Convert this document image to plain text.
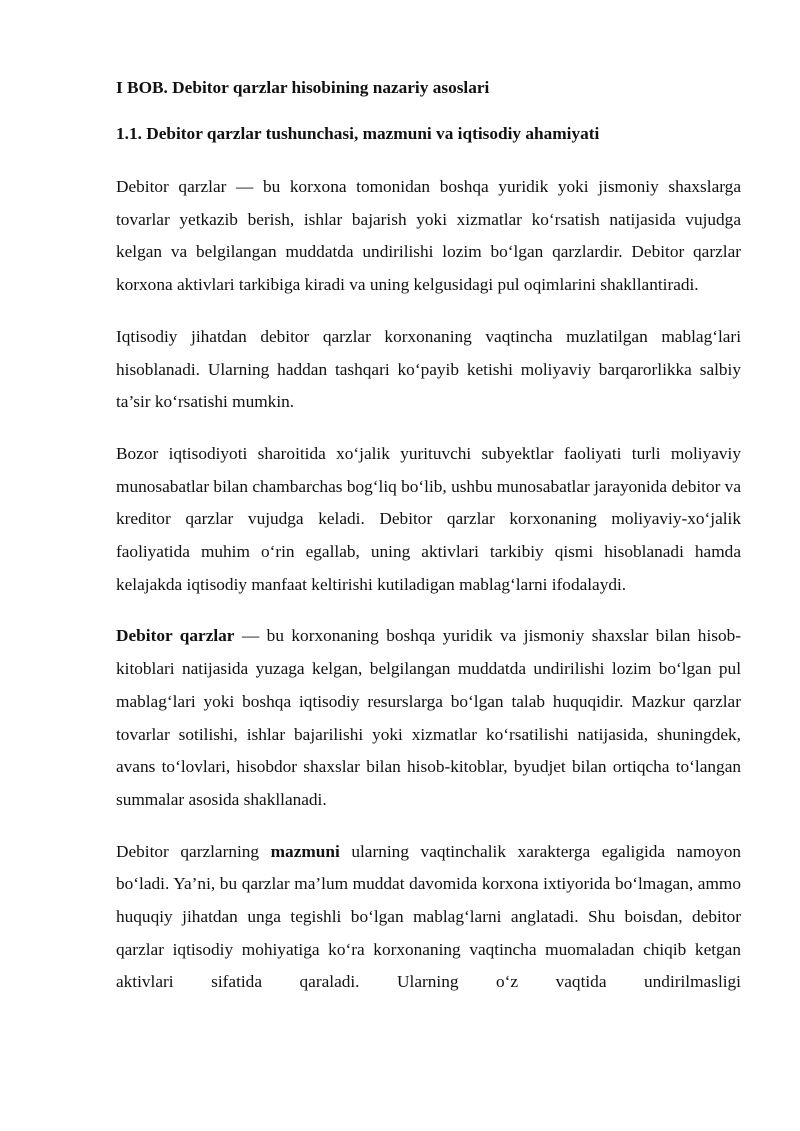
I BOB. Debitor qarzlar hisobining nazariy asoslari

1.1. Debitor qarzlar tushunchasi, mazmuni va iqtisodiy ahamiyati

Debitor qarzlar — bu korxona tomonidan boshqa yuridik yoki jismoniy shaxslarga tovarlar yetkazib berish, ishlar bajarish yoki xizmatlar ko‘rsatish natijasida vujudga kelgan va belgilangan muddatda undirilishi lozim bo‘lgan qarzlardir. Debitor qarzlar korxona aktivlari tarkibiga kiradi va uning kelgusidagi pul oqimlarini shakllantiradi.

Iqtisodiy jihatdan debitor qarzlar korxonaning vaqtincha muzlatilgan mablag‘lari hisoblanadi. Ularning haddan tashqari ko‘payib ketishi moliyaviy barqarorlikka salbiy ta’sir ko‘rsatishi mumkin.

Bozor iqtisodiyoti sharoitida xo‘jalik yurituvchi subyektlar faoliyati turli moliyaviy munosabatlar bilan chambarchas bog‘liq bo‘lib, ushbu munosabatlar jarayonida debitor va kreditor qarzlar vujudga keladi. Debitor qarzlar korxonaning moliyaviy-xo‘jalik faoliyatida muhim o‘rin egallab, uning aktivlari tarkibiy qismi hisoblanadi hamda kelajakda iqtisodiy manfaat keltirishi kutiladigan mablag‘larni ifodalaydi.

Debitor qarzlar — bu korxonaning boshqa yuridik va jismoniy shaxslar bilan hisob-kitoblari natijasida yuzaga kelgan, belgilangan muddatda undirilishi lozim bo‘lgan pul mablag‘lari yoki boshqa iqtisodiy resurslarga bo‘lgan talab huquqidir. Mazkur qarzlar tovarlar sotilishi, ishlar bajarilishi yoki xizmatlar ko‘rsatilishi natijasida, shuningdek, avans to‘lovlari, hisobdor shaxslar bilan hisob-kitoblar, byudjet bilan ortiqcha to‘langan summalar asosida shakllanadi.

Debitor qarzlarning mazmuni ularning vaqtinchalik xarakterga egaligida namoyon bo‘ladi. Ya’ni, bu qarzlar ma’lum muddat davomida korxona ixtiyorida bo‘lmagan, ammo huquqiy jihatdan unga tegishli bo‘lgan mablag‘larni anglatadi. Shu boisdan, debitor qarzlar iqtisodiy mohiyatiga ko‘ra korxonaning vaqtincha muomaladan chiqib ketgan aktivlari sifatida qaraladi. Ularning o‘z vaqtida undirilmasligi
